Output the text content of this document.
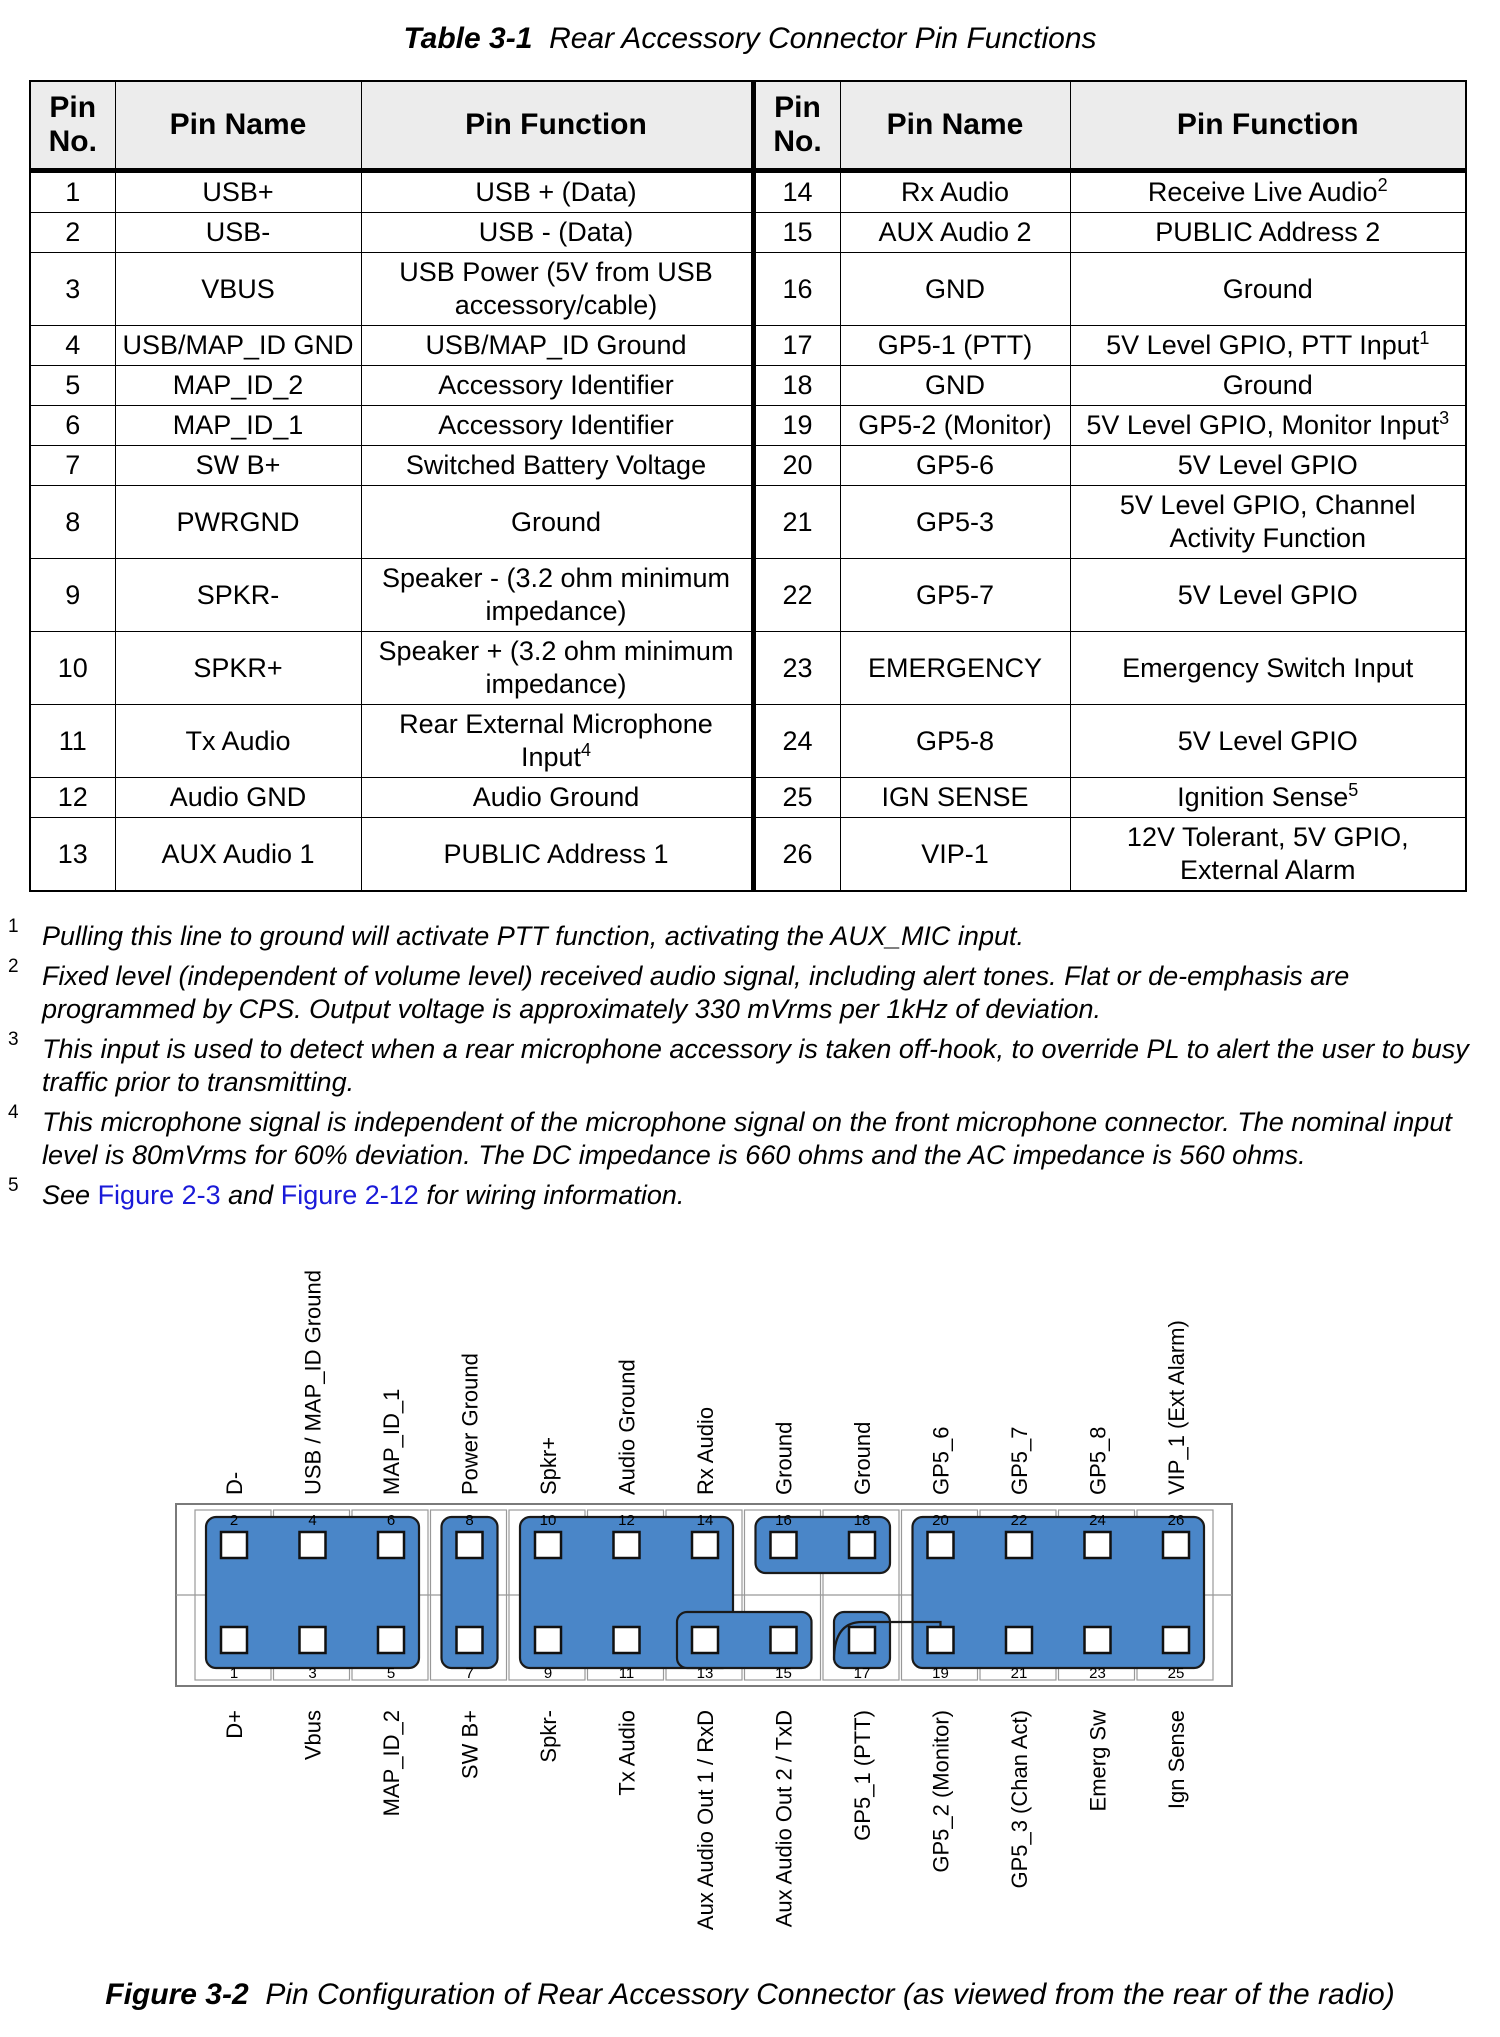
Table 3-1 Rear Accessory Connector Pin Functions
Pin
No.	Pin Name	Pin Function	Pin
No.	Pin Name	Pin Function
1	USB+	USB + (Data)	14	Rx Audio	Receive Live Audio$^2$
2	USB-	USB - (Data)	15	AUX Audio 2	PUBLIC Address 2
3	VBUS	USB Power (5V from USB accessory/cable)	16	GND	Ground
4	USB/MAP_ID GND	USB/MAP_ID Ground	17	GP5-1 (PTT)	5V Level GPIO, PTT Input$^1$
5	MAP_ID_2	Accessory Identifier	18	GND	Ground
6	MAP_ID_1	Accessory Identifier	19	GP5-2 (Monitor)	5V Level GPIO, Monitor Input$^3$
7	SW B+	Switched Battery Voltage	20	GP5-6	5V Level GPIO
8	PWRGND	Ground	21	GP5-3	5V Level GPIO, Channel Activity Function
9	SPKR-	Speaker - (3.2 ohm minimum impedance)	22	GP5-7	5V Level GPIO
10	SPKR+	Speaker + (3.2 ohm minimum impedance)	23	EMERGENCY	Emergency Switch Input
11	Tx Audio	Rear External Microphone Input$^4$	24	GP5-8	5V Level GPIO
12	Audio GND	Audio Ground	25	IGN SENSE	Ignition Sense$^5$
13	AUX Audio 1	PUBLIC Address 1	26	VIP-1	12V Tolerant, 5V GPIO, External Alarm
1 Pulling this line to ground will activate PTT function, activating the AUX_MIC input.
2 Fixed level (independent of volume level) received audio signal, including alert tones. Flat or de-emphasis are programmed by CPS. Output voltage is approximately 330 mVrms per 1kHz of deviation.
3 This input is used to detect when a rear microphone accessory is taken off-hook, to override PL to alert the user to busy traffic prior to transmitting.
4 This microphone signal is independent of the microphone signal on the front microphone connector. The nominal input level is 80mVrms for 60% deviation. The DC impedance is 660 ohms and the AC impedance is 560 ohms.
5 See Figure 2-3 and Figure 2-12 for wiring information.
2
D-
4
USB / MAP_ID Ground
6
MAP_ID_1
8
Power Ground
10
Spkr+
12
Audio Ground
14
Rx Audio
16
Ground
18
Ground
20
GP5_6
22
GP5_7
24
GP5_8
26
VIP_1 (Ext Alarm)
1
D+
3
Vbus
5
MAP_ID_2
7
SW B+
9
Spkr-
11
Tx Audio
13
Aux Audio Out 1 / RxD
15
Aux Audio Out 2 / TxD
17
GP5_1 (PTT)
19
GP5_2 (Monitor)
21
GP5_3 (Chan Act)
23
Emerg Sw
25
Ign Sense
Figure 3-2 Pin Configuration of Rear Accessory Connector (as viewed from the rear of the radio)
